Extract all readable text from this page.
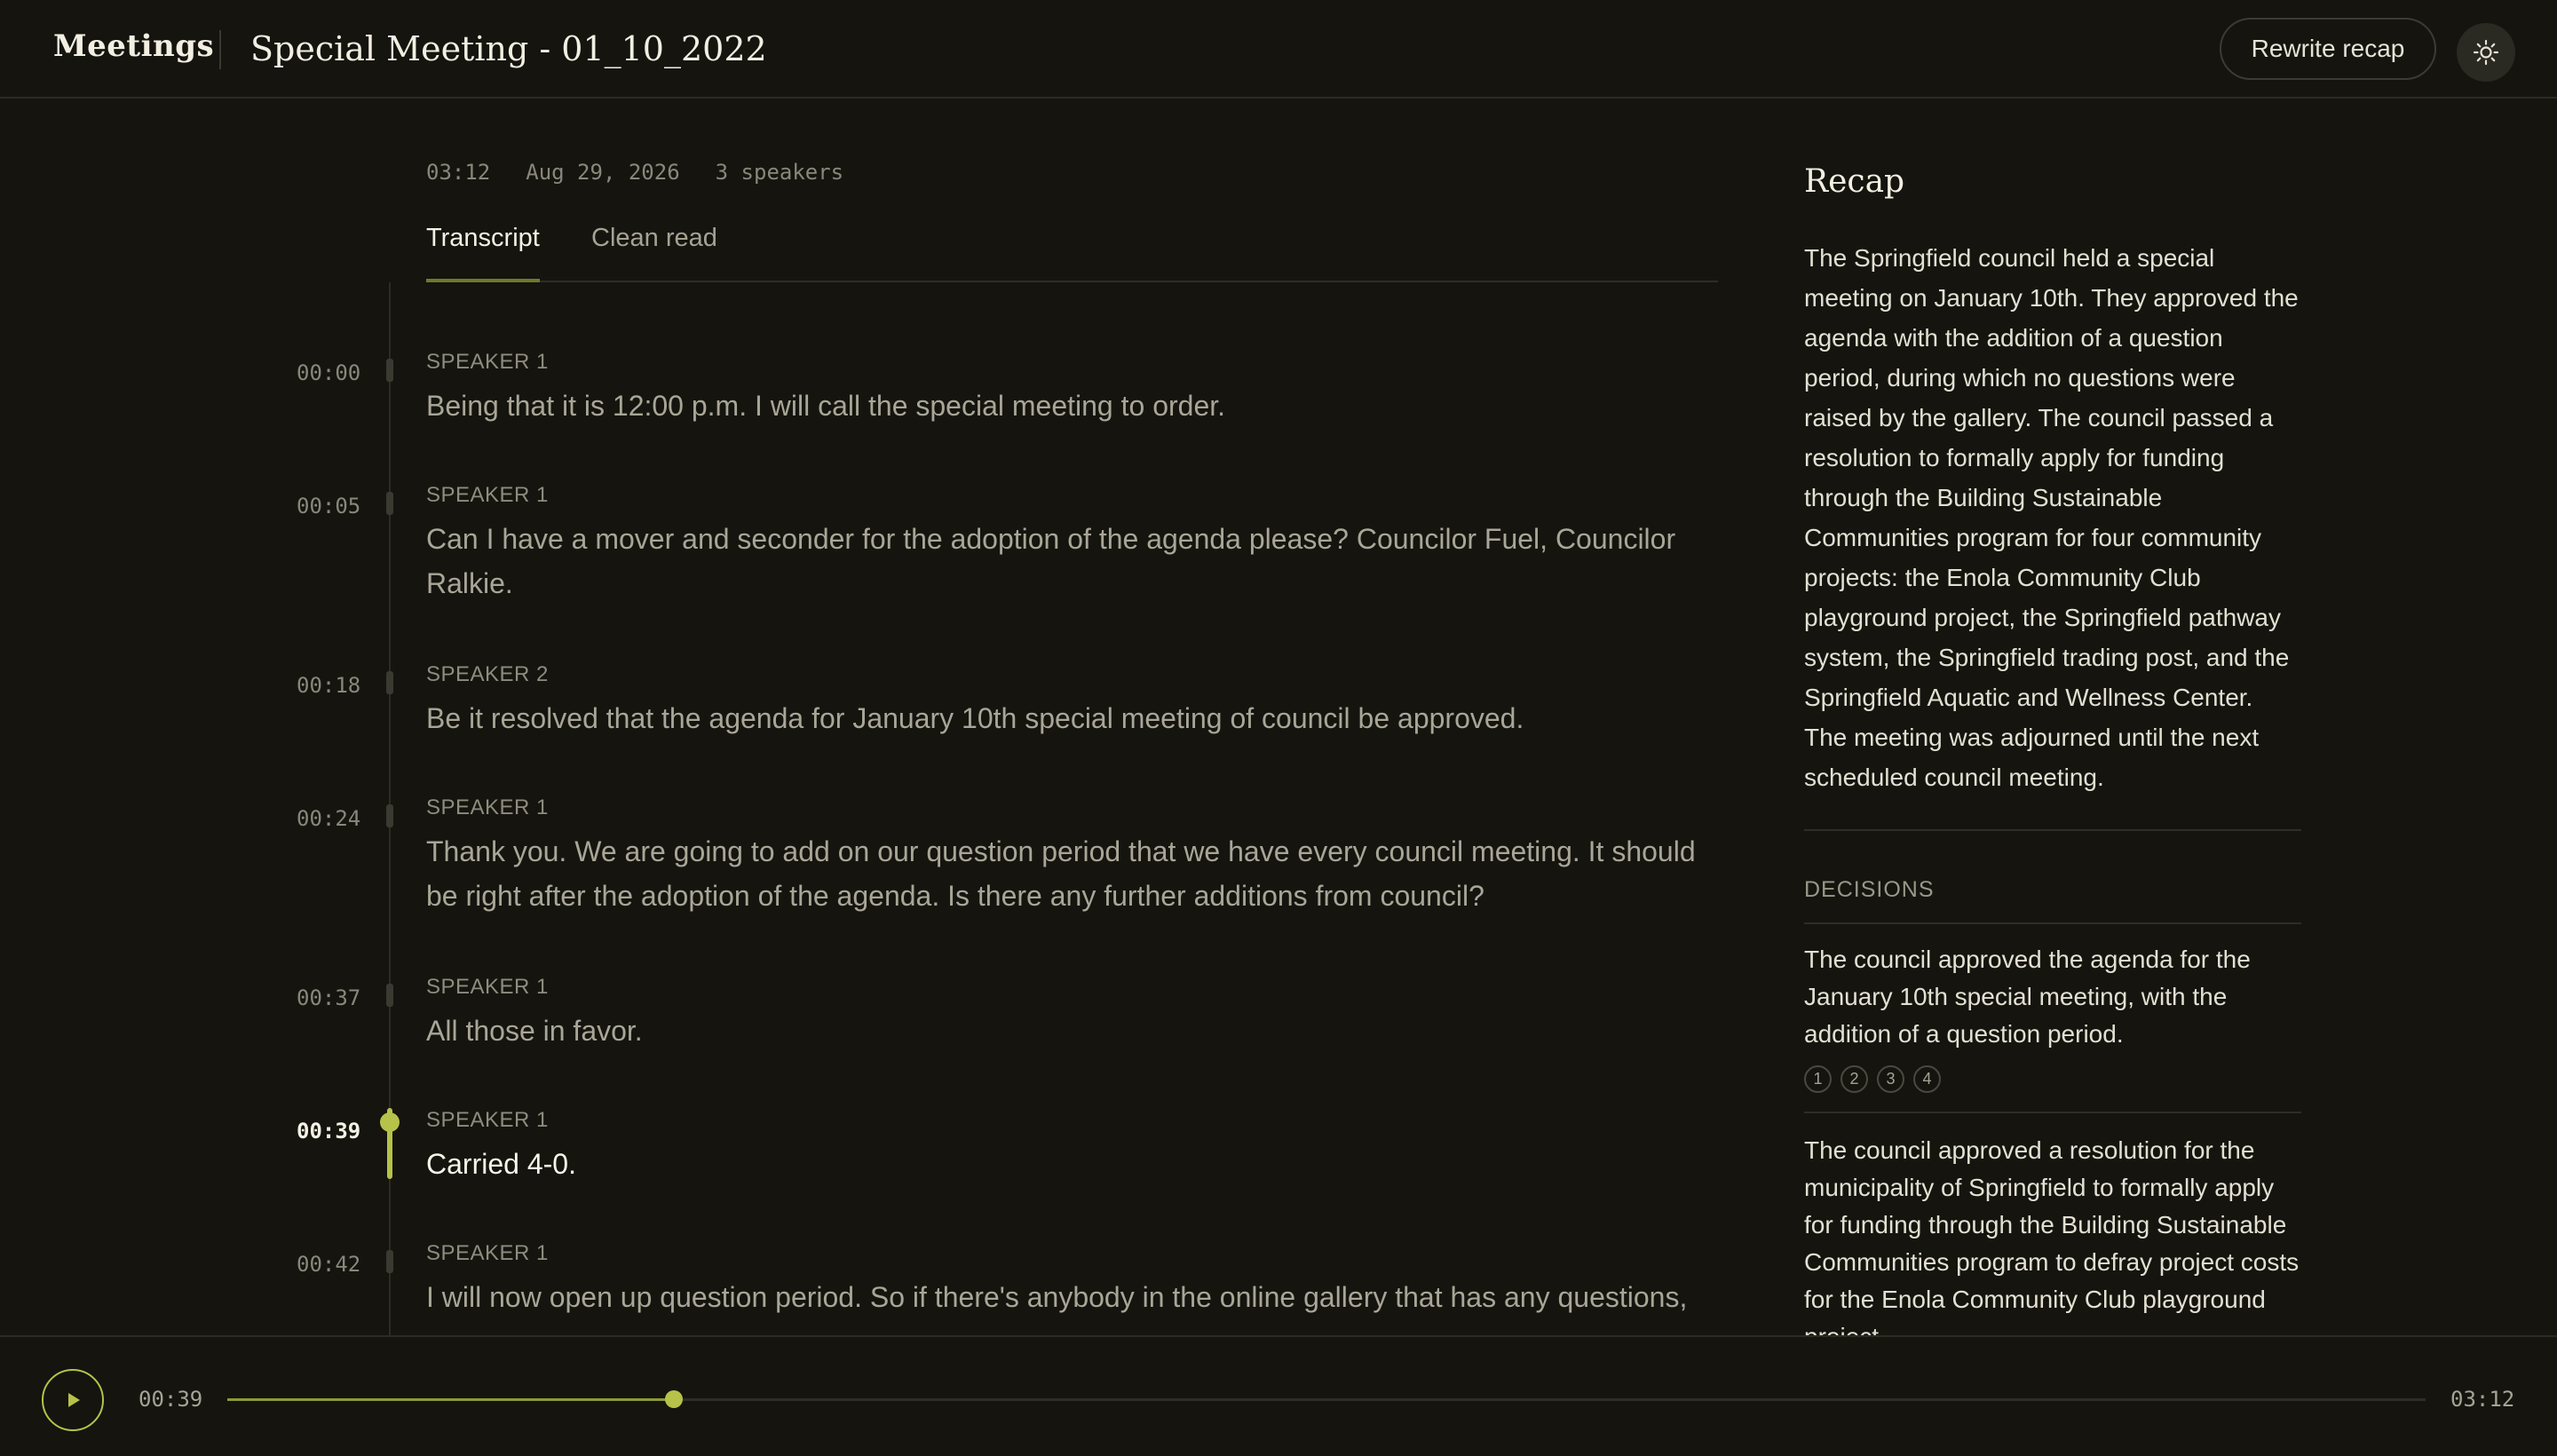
Meetings Special Meeting - 01_10_2022	Rewrite recap
03:12 Aug 29, 2026 3 speakers
Transcript Clean read
00:00	SPEAKER 1
Being that it is 12:00 p.m. I will call the special meeting to order.
00:05	SPEAKER 1
Can I have a mover and seconder for the adoption of the agenda please? Councilor Fuel, Councilor Ralkie.
00:18	SPEAKER 2
Be it resolved that the agenda for January 10th special meeting of council be approved.
00:24	SPEAKER 1
Thank you. We are going to add on our question period that we have every council meeting. It should be right after the adoption of the agenda. Is there any further additions from council?
00:37	SPEAKER 1
All those in favor.
00:39	SPEAKER 1
Carried 4-0.
00:42	SPEAKER 1
I will now open up question period. So if there's anybody in the online gallery that has any questions,
Recap
The Springfield council held a special meeting on January 10th. They approved the agenda with the addition of a question period, during which no questions were raised by the gallery. The council passed a resolution to formally apply for funding through the Building Sustainable Communities program for four community projects: the Enola Community Club playground project, the Springfield pathway system, the Springfield trading post, and the Springfield Aquatic and Wellness Center. The meeting was adjourned until the next scheduled council meeting.
DECISIONS
The council approved the agenda for the January 10th special meeting, with the addition of a question period.
1	2	3	4
The council approved a resolution for the municipality of Springfield to formally apply for funding through the Building Sustainable Communities program to defray project costs for the Enola Community Club playground
00:39	03:12
